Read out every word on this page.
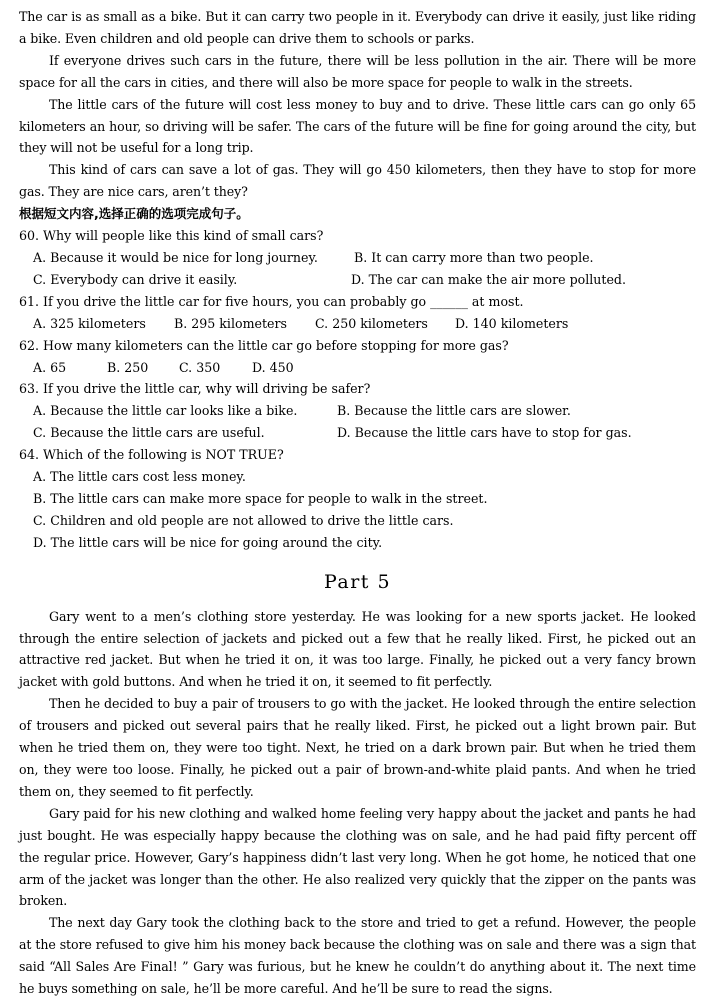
The car is as small as a bike. But it can carry two people in it. Everybody can drive it easily, just like riding a bike. Even children and old people can drive them to schools or parks.

If everyone drives such cars in the future, there will be less pollution in the air. There will be more space for all the cars in cities, and there will also be more space for people to walk in the streets.

The little cars of the future will cost less money to buy and to drive. These little cars can go only 65 kilometers an hour, so driving will be safer. The cars of the future will be fine for going around the city, but they will not be useful for a long trip.

This kind of cars can save a lot of gas. They will go 450 kilometers, then they have to stop for more gas. They are nice cars, aren’t they?

根据短文内容,选择正确的选项完成句子。

60. Why will people like this kind of small cars?

A. Because it would be nice for long journey.	B. It can carry more than two people.
C. Everybody can drive it easily.	D. The car can make the air more polluted.

61. If you drive the little car for five hours, you can probably go ______ at most.

A. 325 kilometers B. 295 kilometers C. 250 kilometers D. 140 kilometers

62. How many kilometers can the little car go before stopping for more gas?

A. 65	B. 250 C. 350	D. 450

63. If you drive the little car, why will driving be safer?

A. Because the little car looks like a bike.	B. Because the little cars are slower.
C. Because the little cars are useful.	D. Because the little cars have to stop for gas.

64. Which of the following is NOT TRUE?

A. The little cars cost less money.

B. The little cars can make more space for people to walk in the street.

C. Children and old people are not allowed to drive the little cars.

D. The little cars will be nice for going around the city.

Part 5

Gary went to a men’s clothing store yesterday. He was looking for a new sports jacket. He looked through the entire selection of jackets and picked out a few that he really liked. First, he picked out an attractive red jacket. But when he tried it on, it was too large. Finally, he picked out a very fancy brown jacket with gold buttons. And when he tried it on, it seemed to fit perfectly.

Then he decided to buy a pair of trousers to go with the jacket. He looked through the entire selection of trousers and picked out several pairs that he really liked. First, he picked out a light brown pair. But when he tried them on, they were too tight. Next, he tried on a dark brown pair. But when he tried them on, they were too loose. Finally, he picked out a pair of brown-and-white plaid pants. And when he tried them on, they seemed to fit perfectly.

Gary paid for his new clothing and walked home feeling very happy about the jacket and pants he had just bought. He was especially happy because the clothing was on sale, and he had paid fifty percent off the regular price. However, Gary’s happiness didn’t last very long. When he got home, he noticed that one arm of the jacket was longer than the other. He also realized very quickly that the zipper on the pants was broken.

The next day Gary took the clothing back to the store and tried to get a refund. However, the people at the store refused to give him his money back because the clothing was on sale and there was a sign that said “All Sales Are Final! ” Gary was furious, but he knew he couldn’t do anything about it. The next time he buys something on sale, he’ll be more careful. And he’ll be sure to read the signs.
